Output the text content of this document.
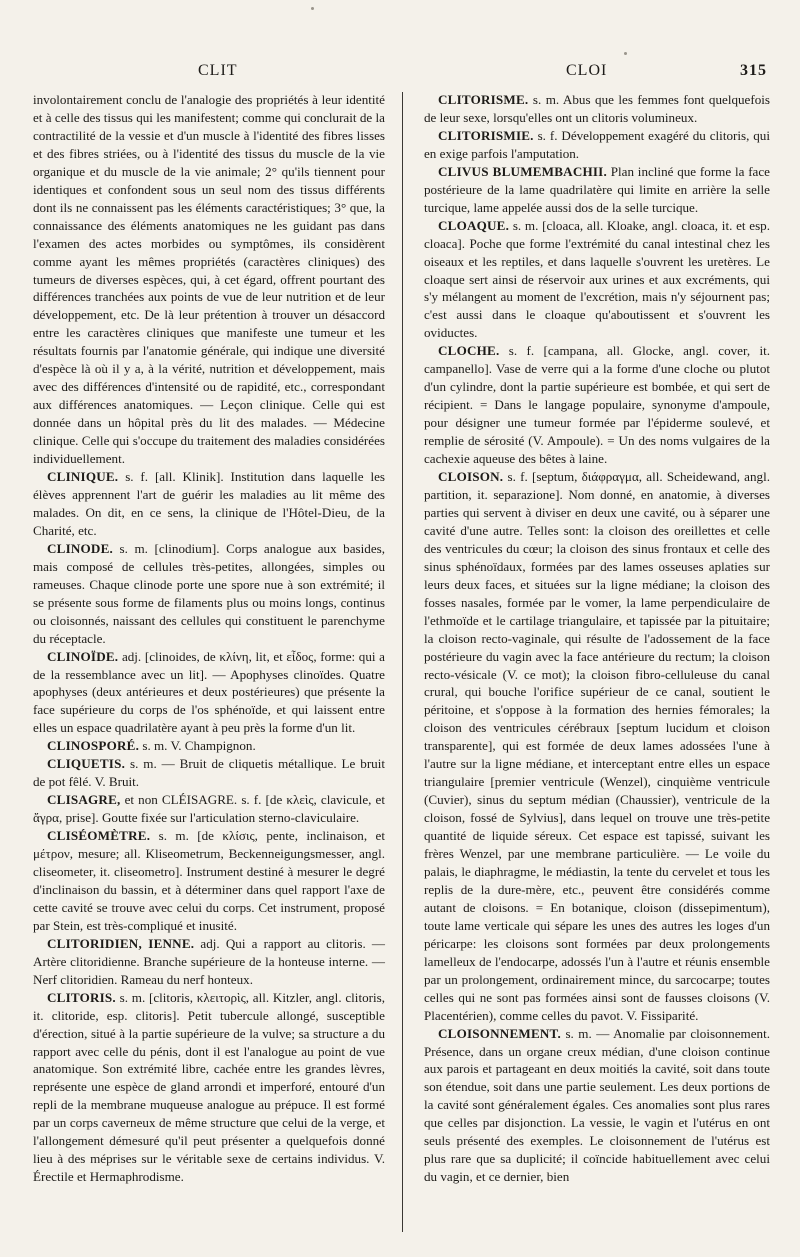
CLIT	CLOI	315

involontairement conclu de l'analogie des propriétés à leur identité et à celle des tissus qui les manifestent; comme qui conclurait de la contractilité de la vessie et d'un muscle à l'identité des fibres lisses et des fibres striées, ou à l'identité des tissus du muscle de la vie organique et du muscle de la vie animale; 2° qu'ils tiennent pour identiques et confondent sous un seul nom des tissus différents dont ils ne connaissent pas les éléments caractéristiques; 3° que, la connaissance des éléments anatomiques ne les guidant pas dans l'examen des actes morbides ou symptômes, ils considèrent comme ayant les mêmes propriétés (caractères cliniques) des tumeurs de diverses espèces, qui, à cet égard, offrent pourtant des différences tranchées aux points de vue de leur nutrition et de leur développement, etc. De là leur prétention à trouver un désaccord entre les caractères cliniques que manifeste une tumeur et les résultats fournis par l'anatomie générale, qui indique une diversité d'espèce là où il y a, à la vérité, nutrition et développement, mais avec des différences d'intensité ou de rapidité, etc., correspondant aux différences anatomiques. — Leçon clinique. Celle qui est donnée dans un hôpital près du lit des malades. — Médecine clinique. Celle qui s'occupe du traitement des maladies considérées individuellement.

CLINIQUE. s. f. [all. Klinik]. Institution dans laquelle les élèves apprennent l'art de guérir les maladies au lit même des malades. On dit, en ce sens, la clinique de l'Hôtel-Dieu, de la Charité, etc.

CLINODE. s. m. [clinodium]. Corps analogue aux basides, mais composé de cellules très-petites, allongées, simples ou rameuses. Chaque clinode porte une spore nue à son extrémité; il se présente sous forme de filaments plus ou moins longs, continus ou cloisonnés, naissant des cellules qui constituent le parenchyme du réceptacle.

CLINOÏDE. adj. [clinoides, de κλίνη, lit, et εἶδος, forme: qui a de la ressemblance avec un lit]. — Apophyses clinoïdes. Quatre apophyses (deux antérieures et deux postérieures) que présente la face supérieure du corps de l'os sphénoïde, et qui laissent entre elles un espace quadrilatère ayant à peu près la forme d'un lit.

CLINOSPORÉ. s. m. V. Champignon.

CLIQUETIS. s. m. — Bruit de cliquetis métallique. Le bruit de pot fêlé. V. Bruit.

CLISAGRE, et non CLÉISAGRE. s. f. [de κλεὶς, clavicule, et ἄγρα, prise]. Goutte fixée sur l'articulation sterno-claviculaire.

CLISÉOMÈTRE. s. m. [de κλίσις, pente, inclinaison, et μέτρον, mesure; all. Kliseometrum, Beckenneigungsmesser, angl. cliseometer, it. cliseometro]. Instrument destiné à mesurer le degré d'inclinaison du bassin, et à déterminer dans quel rapport l'axe de cette cavité se trouve avec celui du corps. Cet instrument, proposé par Stein, est très-compliqué et inusité.

CLITORIDIEN, IENNE. adj. Qui a rapport au clitoris. — Artère clitoridienne. Branche supérieure de la honteuse interne. — Nerf clitoridien. Rameau du nerf honteux.

CLITORIS. s. m. [clitoris, κλειτορὶς, all. Kitzler, angl. clitoris, it. clitoride, esp. clitoris]. Petit tubercule allongé, susceptible d'érection, situé à la partie supérieure de la vulve; sa structure a du rapport avec celle du pénis, dont il est l'analogue au point de vue anatomique. Son extrémité libre, cachée entre les grandes lèvres, représente une espèce de gland arrondi et imperforé, entouré d'un repli de la membrane muqueuse analogue au prépuce. Il est formé par un corps caverneux de même structure que celui de la verge, et l'allongement démesuré qu'il peut présenter a quelquefois donné lieu à des méprises sur le véritable sexe de certains individus. V. Érectile et Hermaphrodisme.

CLITORISME. s. m. Abus que les femmes font quelquefois de leur sexe, lorsqu'elles ont un clitoris volumineux.

CLITORISMIE. s. f. Développement exagéré du clitoris, qui en exige parfois l'amputation.

CLIVUS BLUMEMBACHII. Plan incliné que forme la face postérieure de la lame quadrilatère qui limite en arrière la selle turcique, lame appelée aussi dos de la selle turcique.

CLOAQUE. s. m. [cloaca, all. Kloake, angl. cloaca, it. et esp. cloaca]. Poche que forme l'extrémité du canal intestinal chez les oiseaux et les reptiles, et dans laquelle s'ouvrent les uretères. Le cloaque sert ainsi de réservoir aux urines et aux excréments, qui s'y mélangent au moment de l'excrétion, mais n'y séjournent pas; c'est aussi dans le cloaque qu'aboutissent et s'ouvrent les oviductes.

CLOCHE. s. f. [campana, all. Glocke, angl. cover, it. campanello]. Vase de verre qui a la forme d'une cloche ou plutot d'un cylindre, dont la partie supérieure est bombée, et qui sert de récipient. = Dans le langage populaire, synonyme d'ampoule, pour désigner une tumeur formée par l'épiderme soulevé, et remplie de sérosité (V. Ampoule). = Un des noms vulgaires de la cachexie aqueuse des bêtes à laine.

CLOISON. s. f. [septum, διάφραγμα, all. Scheidewand, angl. partition, it. separazione]. Nom donné, en anatomie, à diverses parties qui servent à diviser en deux une cavité, ou à séparer une cavité d'une autre. Telles sont: la cloison des oreillettes et celle des ventricules du cœur; la cloison des sinus frontaux et celle des sinus sphénoïdaux, formées par des lames osseuses aplaties sur leurs deux faces, et situées sur la ligne médiane; la cloison des fosses nasales, formée par le vomer, la lame perpendiculaire de l'ethmoïde et le cartilage triangulaire, et tapissée par la pituitaire; la cloison recto-vaginale, qui résulte de l'adossement de la face postérieure du vagin avec la face antérieure du rectum; la cloison recto-vésicale (V. ce mot); la cloison fibro-celluleuse du canal crural, qui bouche l'orifice supérieur de ce canal, soutient le péritoine, et s'oppose à la formation des hernies fémorales; la cloison des ventricules cérébraux [septum lucidum et cloison transparente], qui est formée de deux lames adossées l'une à l'autre sur la ligne médiane, et interceptant entre elles un espace triangulaire [premier ventricule (Wenzel), cinquième ventricule (Cuvier), sinus du septum médian (Chaussier), ventricule de la cloison, fossé de Sylvius], dans lequel on trouve une très-petite quantité de liquide séreux. Cet espace est tapissé, suivant les frères Wenzel, par une membrane particulière. — Le voile du palais, le diaphragme, le médiastin, la tente du cervelet et tous les replis de la dure-mère, etc., peuvent être considérés comme autant de cloisons. = En botanique, cloison (dissepimentum), toute lame verticale qui sépare les unes des autres les loges d'un péricarpe: les cloisons sont formées par deux prolongements lamelleux de l'endocarpe, adossés l'un à l'autre et réunis ensemble par un prolongement, ordinairement mince, du sarcocarpe; toutes celles qui ne sont pas formées ainsi sont de fausses cloisons (V. Placentérien), comme celles du pavot. V. Fissiparité.

CLOISONNEMENT. s. m. — Anomalie par cloisonnement. Présence, dans un organe creux médian, d'une cloison continue aux parois et partageant en deux moitiés la cavité, soit dans toute son étendue, soit dans une partie seulement. Les deux portions de la cavité sont généralement égales. Ces anomalies sont plus rares que celles par disjonction. La vessie, le vagin et l'utérus en ont seuls présenté des exemples. Le cloisonnement de l'utérus est plus rare que sa duplicité; il coïncide habituellement avec celui du vagin, et ce dernier, bien
